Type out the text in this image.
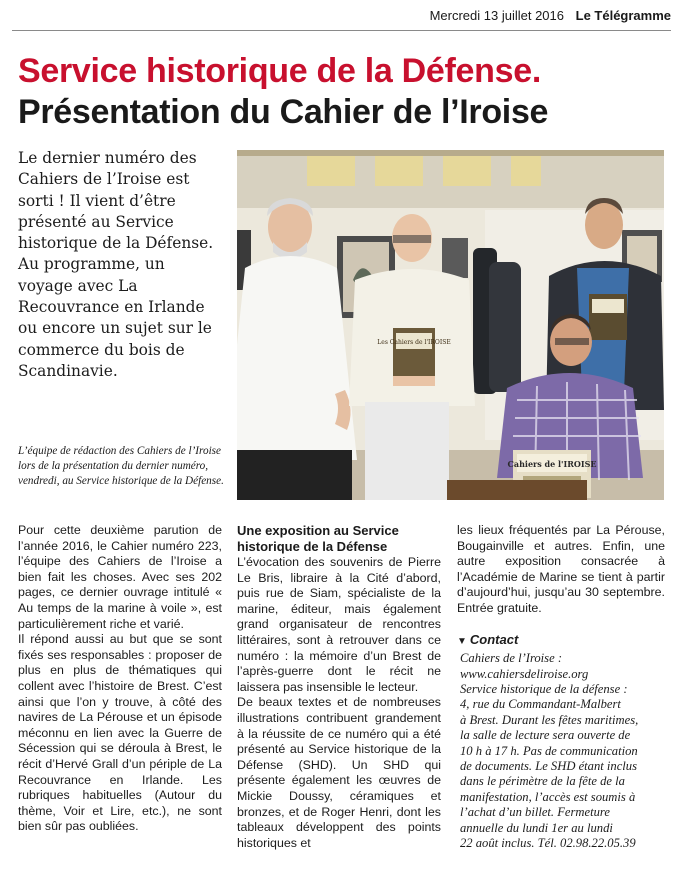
Mercredi 13 juillet 2016 Le Télégramme
Service historique de la Défense.
Présentation du Cahier de l’Iroise
Le dernier numéro des
Cahiers de l’Iroise est
sorti ! Il vient d’être
présenté au Service
historique de la Défense.
Au programme, un
voyage avec La
Recouvrance en Irlande
ou encore un sujet sur le
commerce du bois de
Scandinavie.
L’équipe de rédaction des Cahiers de l’Iroise lors de la présentation du dernier numéro, vendredi, au Service historique de la Défense.
Les Cahiers de l'IROISE
Cahiers de l'IROISE

Pour cette deuxième parution de l’année 2016, le Cahier numéro 223, l’équipe des Cahiers de l’Iroise a bien fait les choses. Avec ses 202 pages, ce dernier ouvrage intitulé « Au temps de la marine à voile », est particulièrement riche et varié.

Il répond aussi au but que se sont fixés ses responsables : proposer de plus en plus de thématiques qui collent avec l’histoire de Brest. C’est ainsi que l’on y trouve, à côté des navires de La Pérouse et un épisode méconnu en lien avec la Guerre de Sécession qui se déroula à Brest, le récit d’Hervé Grall d’un périple de La Recouvrance en Irlande. Les rubriques habituelles (Autour du thème, Voir et Lire, etc.), ne sont bien sûr pas oubliées.

Une exposition au Service historique de la Défense

L’évocation des souvenirs de Pierre Le Bris, libraire à la Cité d’abord, puis rue de Siam, spécialiste de la marine, éditeur, mais également grand organisateur de rencontres littéraires, sont à retrouver dans ce numéro : la mémoire d’un Brest de l’après-guerre dont le récit ne laissera pas insensible le lecteur.

De beaux textes et de nombreuses illustrations contribuent grandement à la réussite de ce numéro qui a été présenté au Service historique de la Défense (SHD). Un SHD qui présente également les œuvres de Mickie Doussy, céramiques et bronzes, et de Roger Henri, dont les tableaux développent des points historiques et

les lieux fréquentés par La Pérouse, Bougainville et autres. Enfin, une autre exposition consacrée à l’Académie de Marine se tient à partir d’aujourd’hui, jusqu’au 30 septembre. Entrée gratuite.

▼ Contact
Cahiers de l’Iroise :
www.cahiersdeliroise.org
Service historique de la défense :
4, rue du Commandant-Malbert
à Brest. Durant les fêtes maritimes,
la salle de lecture sera ouverte de
10 h à 17 h. Pas de communication
de documents. Le SHD étant inclus
dans le périmètre de la fête de la
manifestation, l’accès est soumis à
l’achat d’un billet. Fermeture
annuelle du lundi 1er au lundi
22 août inclus. Tél. 02.98.22.05.39
